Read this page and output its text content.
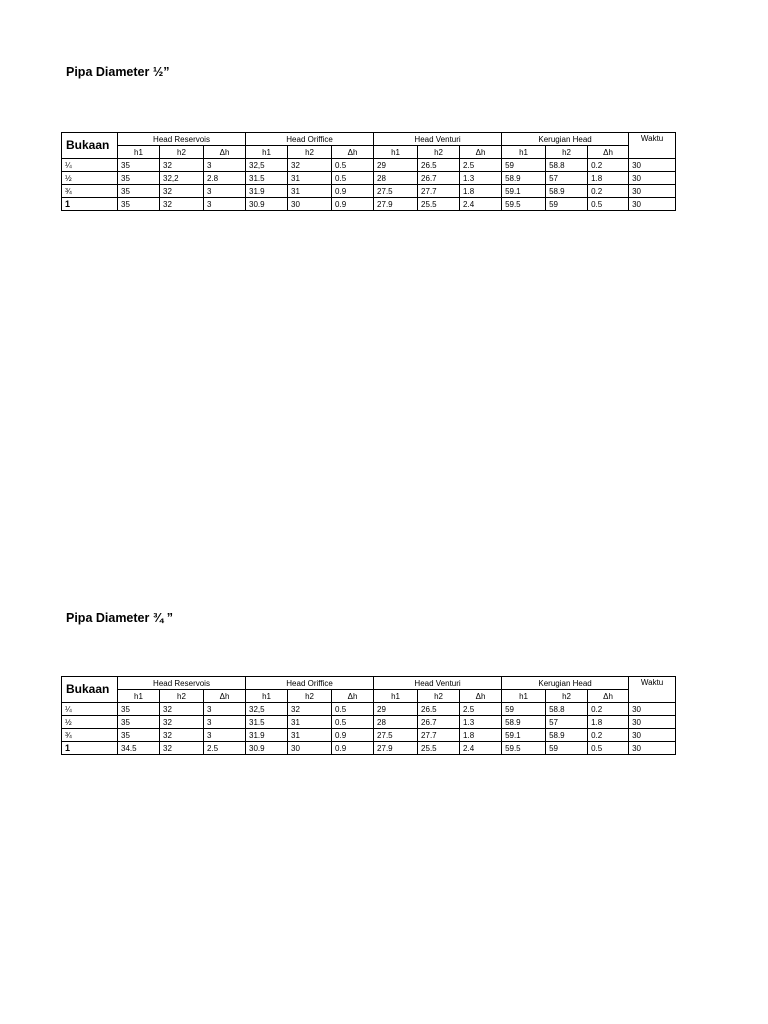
Pipa Diameter ½”
Bukaan	Head Reservois			Head Oriffice			Head Venturi			Kerugian Head			Waktu
	h1	h2	Δh	h1	h2	Δh	h1	h2	Δh	h1	h2	Δh	
¼	35	32	3	32,5	32	0.5	29	26.5	2.5	59	58.8	0.2	30
½	35	32,2	2.8	31.5	31	0.5	28	26.7	1.3	58.9	57	1.8	30
¾	35	32	3	31.9	31	0.9	27.5	27.7	1.8	59.1	58.9	0.2	30
1	35	32	3	30.9	30	0.9	27.9	25.5	2.4	59.5	59	0.5	30
Pipa Diameter ¾ ”
Bukaan	Head Reservois			Head Oriffice			Head Venturi			Kerugian Head			Waktu
	h1	h2	Δh	h1	h2	Δh	h1	h2	Δh	h1	h2	Δh	
¼	35	32	3	32,5	32	0.5	29	26.5	2.5	59	58.8	0.2	30
½	35	32	3	31.5	31	0.5	28	26.7	1.3	58.9	57	1.8	30
¾	35	32	3	31.9	31	0.9	27.5	27.7	1.8	59.1	58.9	0.2	30
1	34.5	32	2.5	30.9	30	0.9	27.9	25.5	2.4	59.5	59	0.5	30
